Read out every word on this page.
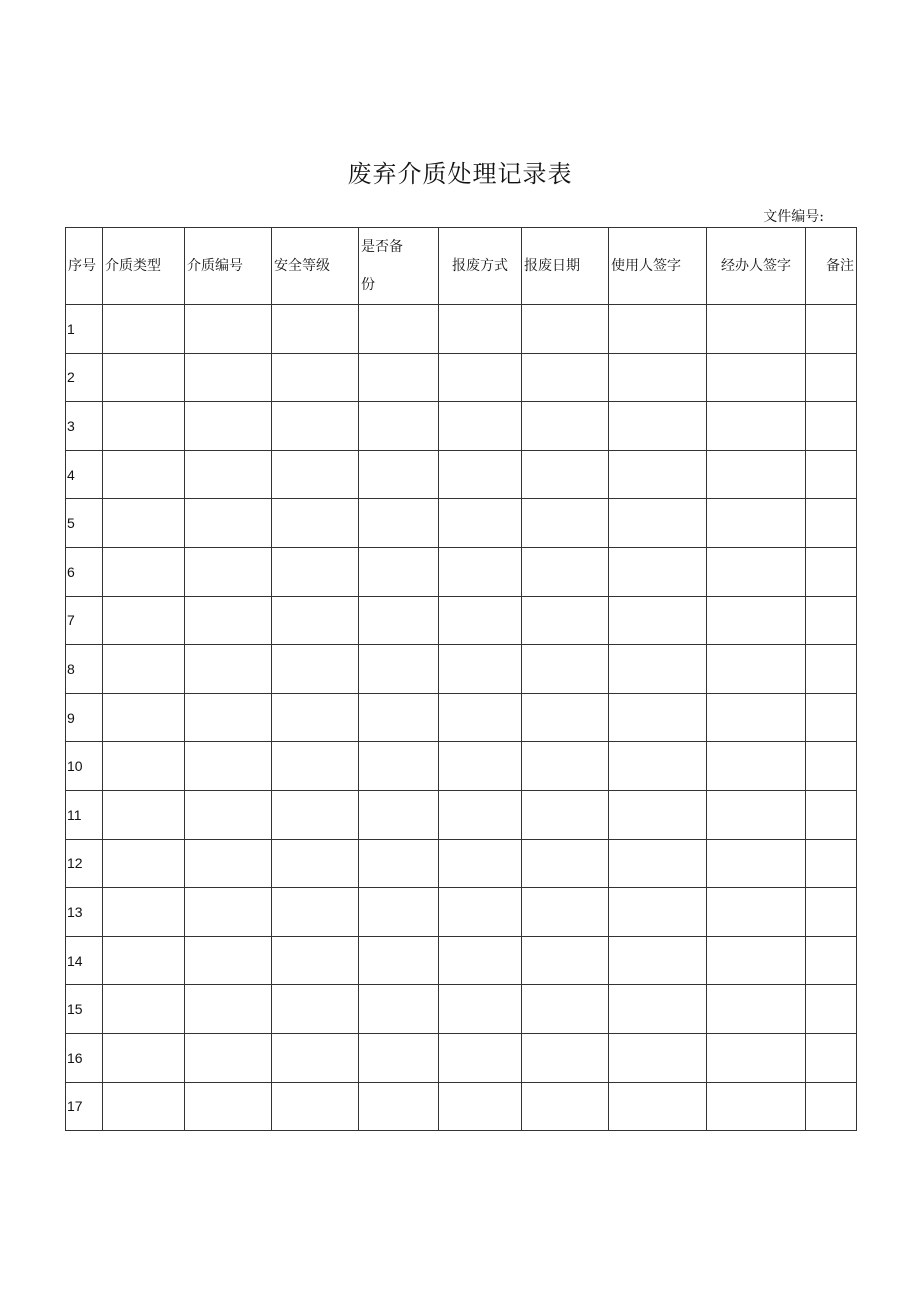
废弃介质处理记录表
文件编号:
序号	介质类型	介质编号	安全等级	是否备份	报废方式	报废日期	使用人签字	经办人签字	备注
1									
2									
3									
4									
5									
6									
7									
8									
9									
10									
11									
12									
13									
14									
15									
16									
17									
